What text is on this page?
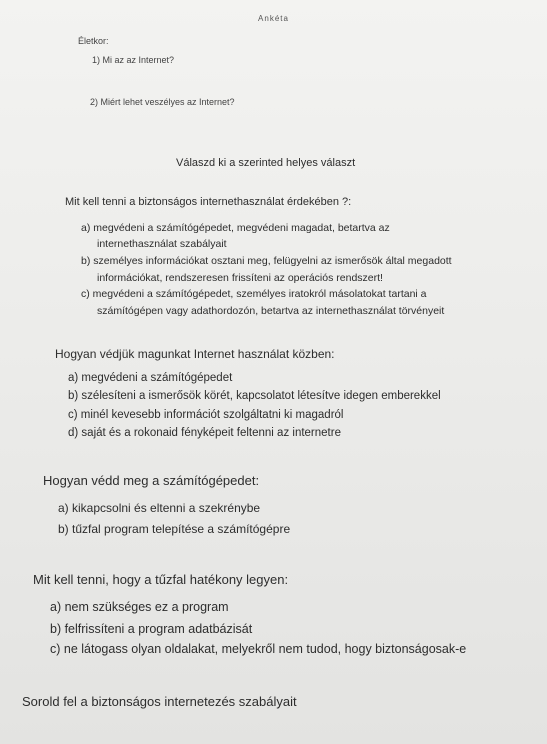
Ankéta

Életkor:

1) Mi az az Internet?

2) Miért lehet veszélyes az Internet?

Válaszd ki a szerinted helyes választ

Mit kell tenni a biztonságos internethasználat érdekében ?:

a) megvédeni a számítógépedet, megvédeni magadat, betartva az

internethasználat szabályait

b) személyes információkat osztani meg, felügyelni az ismerősök által megadott

információkat, rendszeresen frissíteni az operációs rendszert!

c) megvédeni a számítógépedet, személyes iratokról másolatokat tartani a

számítógépen vagy adathordozón, betartva az internethasználat törvényeit

Hogyan védjük magunkat Internet használat közben:

a) megvédeni a számítógépedet

b) szélesíteni a ismerősök körét, kapcsolatot létesítve idegen emberekkel

c) minél kevesebb információt szolgáltatni ki magadról

d) saját és a rokonaid fényképeit feltenni az internetre

Hogyan védd meg a számítógépedet:

a) kikapcsolni és eltenni a szekrénybe

b) tűzfal program telepítése a számítógépre

Mit kell tenni, hogy a tűzfal hatékony legyen:

a) nem szükséges ez a program

b) felfrissíteni a program adatbázisát

c) ne látogass olyan oldalakat, melyekről nem tudod, hogy biztonságosak-e

Sorold fel a biztonságos internetezés szabályait
